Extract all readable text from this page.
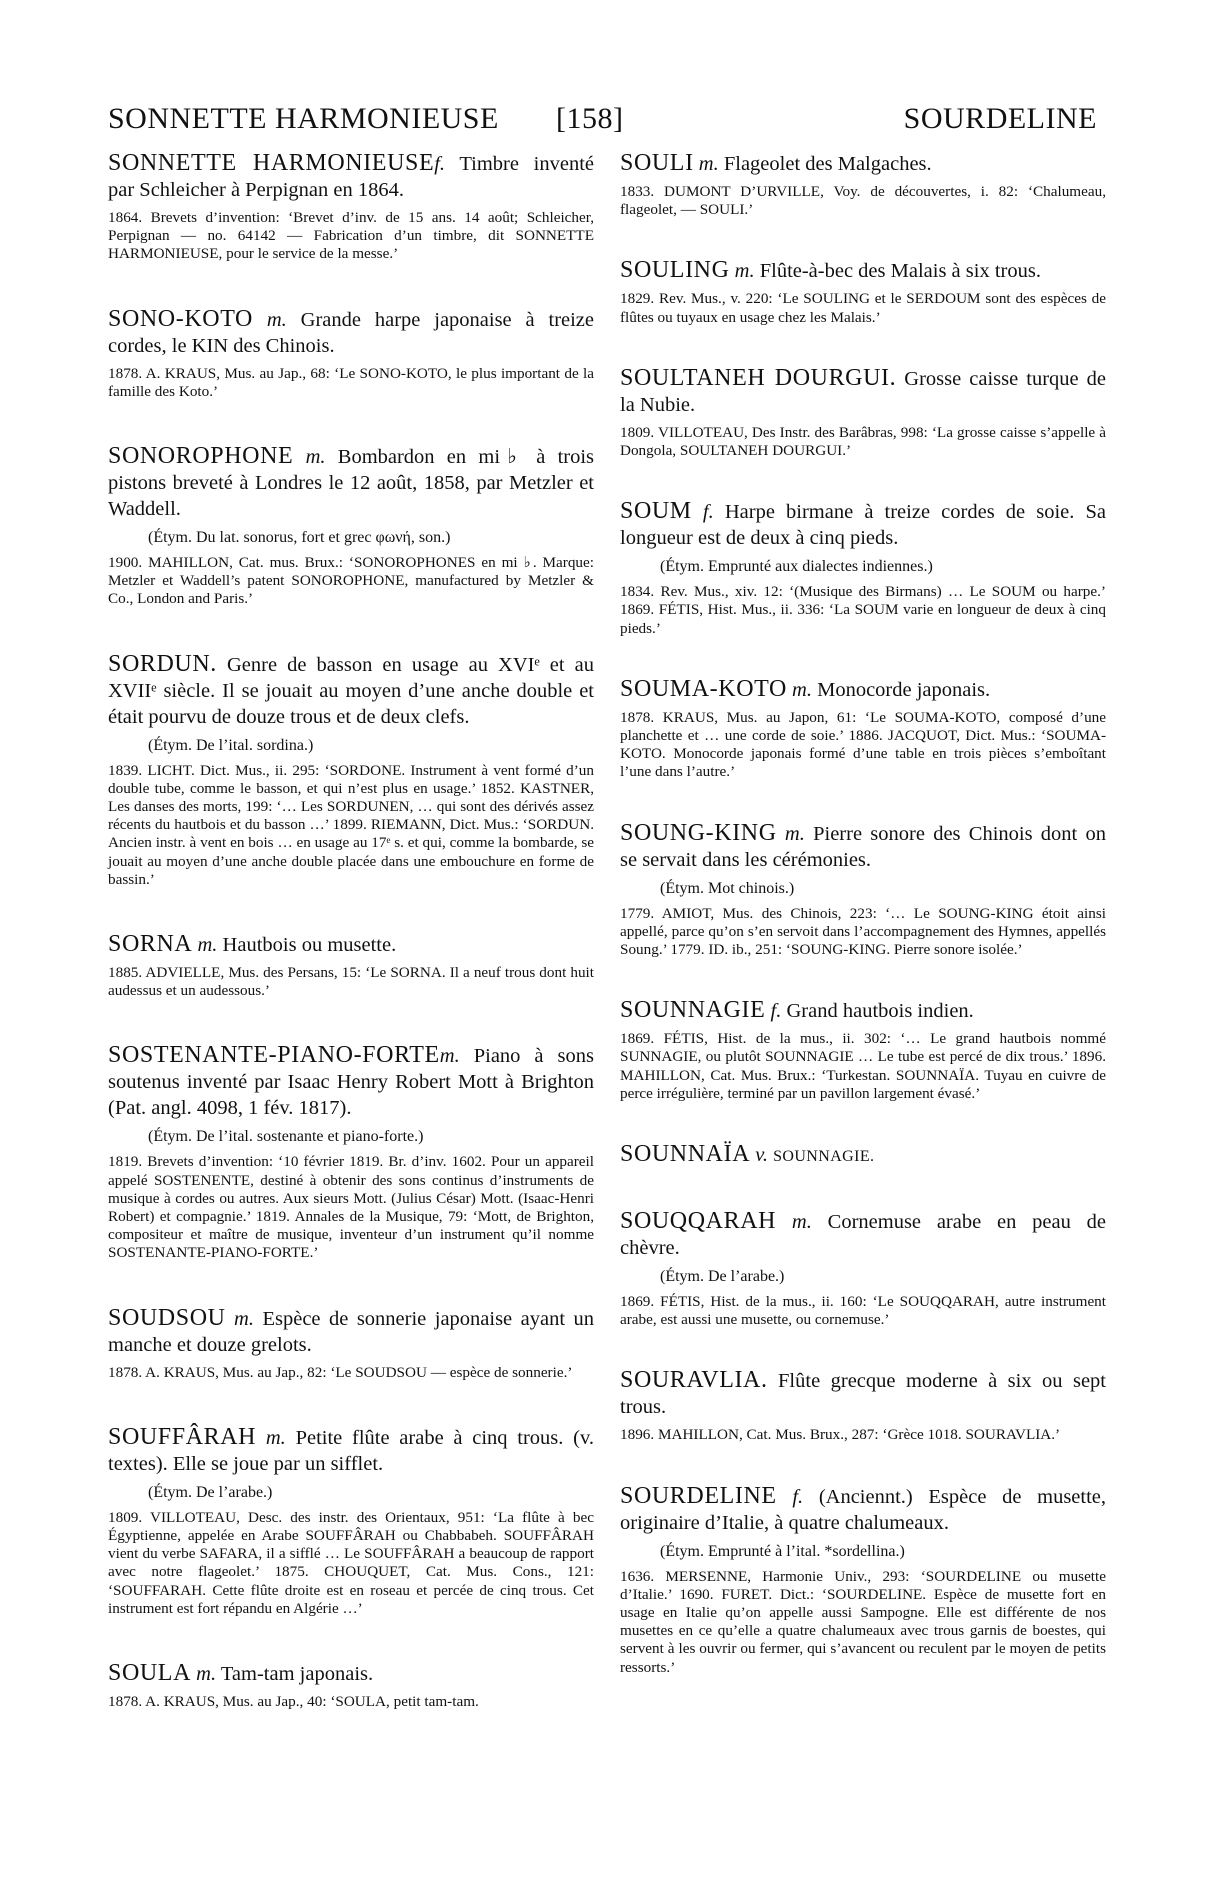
SONNETTE HARMONIEUSE [158]	SOURDELINE
SONNETTE HARMONIEUSEf. Timbre inventé par Schleicher à Perpignan en 1864.
1864. Brevets d’invention: ‘Brevet d’inv. de 15 ans. 14 août; Schleicher, Perpignan — no. 64142 — Fabrication d’un timbre, dit SONNETTE HARMONIEUSE, pour le service de la messe.’
SONO-KOTO m. Grande harpe japonaise à treize cordes, le KIN des Chinois.
1878. A. KRAUS, Mus. au Jap., 68: ‘Le SONO-KOTO, le plus important de la famille des Koto.’
SONOROPHONE m. Bombardon en mi♭ à trois pistons breveté à Londres le 12 août, 1858, par Metzler et Waddell.
(Étym. Du lat. sonorus, fort et grec φωνή, son.)
1900. MAHILLON, Cat. mus. Brux.: ‘SONOROPHONES en mi ♭. Marque: Metzler et Waddell’s patent SONOROPHONE, manufactured by Metzler & Co., London and Paris.’
SORDUN. Genre de basson en usage au XVIᵉ et au XVIIᵉ siècle. Il se jouait au moyen d’une anche double et était pourvu de douze trous et de deux clefs.
(Étym. De l’ital. sordina.)
1839. LICHT. Dict. Mus., ii. 295: ‘SORDONE. Instrument à vent formé d’un double tube, comme le basson, et qui n’est plus en usage.’ 1852. KASTNER, Les danses des morts, 199: ‘… Les SORDUNEN, … qui sont des dérivés assez récents du hautbois et du basson …’ 1899. RIEMANN, Dict. Mus.: ‘SORDUN. Ancien instr. à vent en bois … en usage au 17ᵉ s. et qui, comme la bombarde, se jouait au moyen d’une anche double placée dans une embouchure en forme de bassin.’
SORNA m. Hautbois ou musette.
1885. ADVIELLE, Mus. des Persans, 15: ‘Le SORNA. Il a neuf trous dont huit audessus et un audessous.’
SOSTENANTE-PIANO-FORTEm. Piano à sons soutenus inventé par Isaac Henry Robert Mott à Brighton (Pat. angl. 4098, 1 fév. 1817).
(Étym. De l’ital. sostenante et piano-forte.)
1819. Brevets d’invention: ‘10 février 1819. Br. d’inv. 1602. Pour un appareil appelé SOSTENENTE, destiné à obtenir des sons continus d’instruments de musique à cordes ou autres. Aux sieurs Mott. (Julius César) Mott. (Isaac-Henri Robert) et compagnie.’ 1819. Annales de la Musique, 79: ‘Mott, de Brighton, compositeur et maître de musique, inventeur d’un instrument qu’il nomme SOSTENANTE-PIANO-FORTE.’
SOUDSOU m. Espèce de sonnerie japonaise ayant un manche et douze grelots.
1878. A. KRAUS, Mus. au Jap., 82: ‘Le SOUDSOU — espèce de sonnerie.’
SOUFFÂRAH m. Petite flûte arabe à cinq trous. (v. textes). Elle se joue par un sifflet.
(Étym. De l’arabe.)
1809. VILLOTEAU, Desc. des instr. des Orientaux, 951: ‘La flûte à bec Égyptienne, appelée en Arabe SOUFFÂRAH ou Chabbabeh. SOUFFÂRAH vient du verbe SAFARA, il a sifflé … Le SOUFFÂRAH a beaucoup de rapport avec notre flageolet.’ 1875. CHOUQUET, Cat. Mus. Cons., 121: ‘SOUFFARAH. Cette flûte droite est en roseau et percée de cinq trous. Cet instrument est fort répandu en Algérie …’
SOULA m. Tam-tam japonais.
1878. A. KRAUS, Mus. au Jap., 40: ‘SOULA, petit tam-tam.
SOULI m. Flageolet des Malgaches.
1833. DUMONT D’URVILLE, Voy. de découvertes, i. 82: ‘Chalumeau, flageolet, — SOULI.’
SOULING m. Flûte-à-bec des Malais à six trous.
1829. Rev. Mus., v. 220: ‘Le SOULING et le SERDOUM sont des espèces de flûtes ou tuyaux en usage chez les Malais.’
SOULTANEH DOURGUI. Grosse caisse turque de la Nubie.
1809. VILLOTEAU, Des Instr. des Barâbras, 998: ‘La grosse caisse s’appelle à Dongola, SOULTANEH DOURGUI.’
SOUM f. Harpe birmane à treize cordes de soie. Sa longueur est de deux à cinq pieds.
(Étym. Emprunté aux dialectes indiennes.)
1834. Rev. Mus., xiv. 12: ‘(Musique des Birmans) … Le SOUM ou harpe.’ 1869. FÉTIS, Hist. Mus., ii. 336: ‘La SOUM varie en longueur de deux à cinq pieds.’
SOUMA-KOTO m. Monocorde japonais.
1878. KRAUS, Mus. au Japon, 61: ‘Le SOUMA-KOTO, composé d’une planchette et … une corde de soie.’ 1886. JACQUOT, Dict. Mus.: ‘SOUMA-KOTO. Monocorde japonais formé d’une table en trois pièces s’emboîtant l’une dans l’autre.’
SOUNG-KING m. Pierre sonore des Chinois dont on se servait dans les cérémonies.
(Étym. Mot chinois.)
1779. AMIOT, Mus. des Chinois, 223: ‘… Le SOUNG-KING étoit ainsi appellé, parce qu’on s’en servoit dans l’accompagnement des Hymnes, appellés Soung.’ 1779. ID. ib., 251: ‘SOUNG-KING. Pierre sonore isolée.’
SOUNNAGIE f. Grand hautbois indien.
1869. FÉTIS, Hist. de la mus., ii. 302: ‘… Le grand hautbois nommé SUNNAGIE, ou plutôt SOUNNAGIE … Le tube est percé de dix trous.’ 1896. MAHILLON, Cat. Mus. Brux.: ‘Turkestan. SOUNNAÏA. Tuyau en cuivre de perce irrégulière, terminé par un pavillon largement évasé.’
SOUNNAÏA v. SOUNNAGIE.
SOUQQARAH m. Cornemuse arabe en peau de chèvre.
(Étym. De l’arabe.)
1869. FÉTIS, Hist. de la mus., ii. 160: ‘Le SOUQQARAH, autre instrument arabe, est aussi une musette, ou cornemuse.’
SOURAVLIA. Flûte grecque moderne à six ou sept trous.
1896. MAHILLON, Cat. Mus. Brux., 287: ‘Grèce 1018. SOURAVLIA.’
SOURDELINE f. (Anciennt.) Espèce de musette, originaire d’Italie, à quatre chalumeaux.
(Étym. Emprunté à l’ital. *sordellina.)
1636. MERSENNE, Harmonie Univ., 293: ‘SOURDELINE ou musette d’Italie.’ 1690. FURET. Dict.: ‘SOURDELINE. Espèce de musette fort en usage en Italie qu’on appelle aussi Sampogne. Elle est différente de nos musettes en ce qu’elle a quatre chalumeaux avec trous garnis de boestes, qui servent à les ouvrir ou fermer, qui s’avancent ou reculent par le moyen de petits ressorts.’
